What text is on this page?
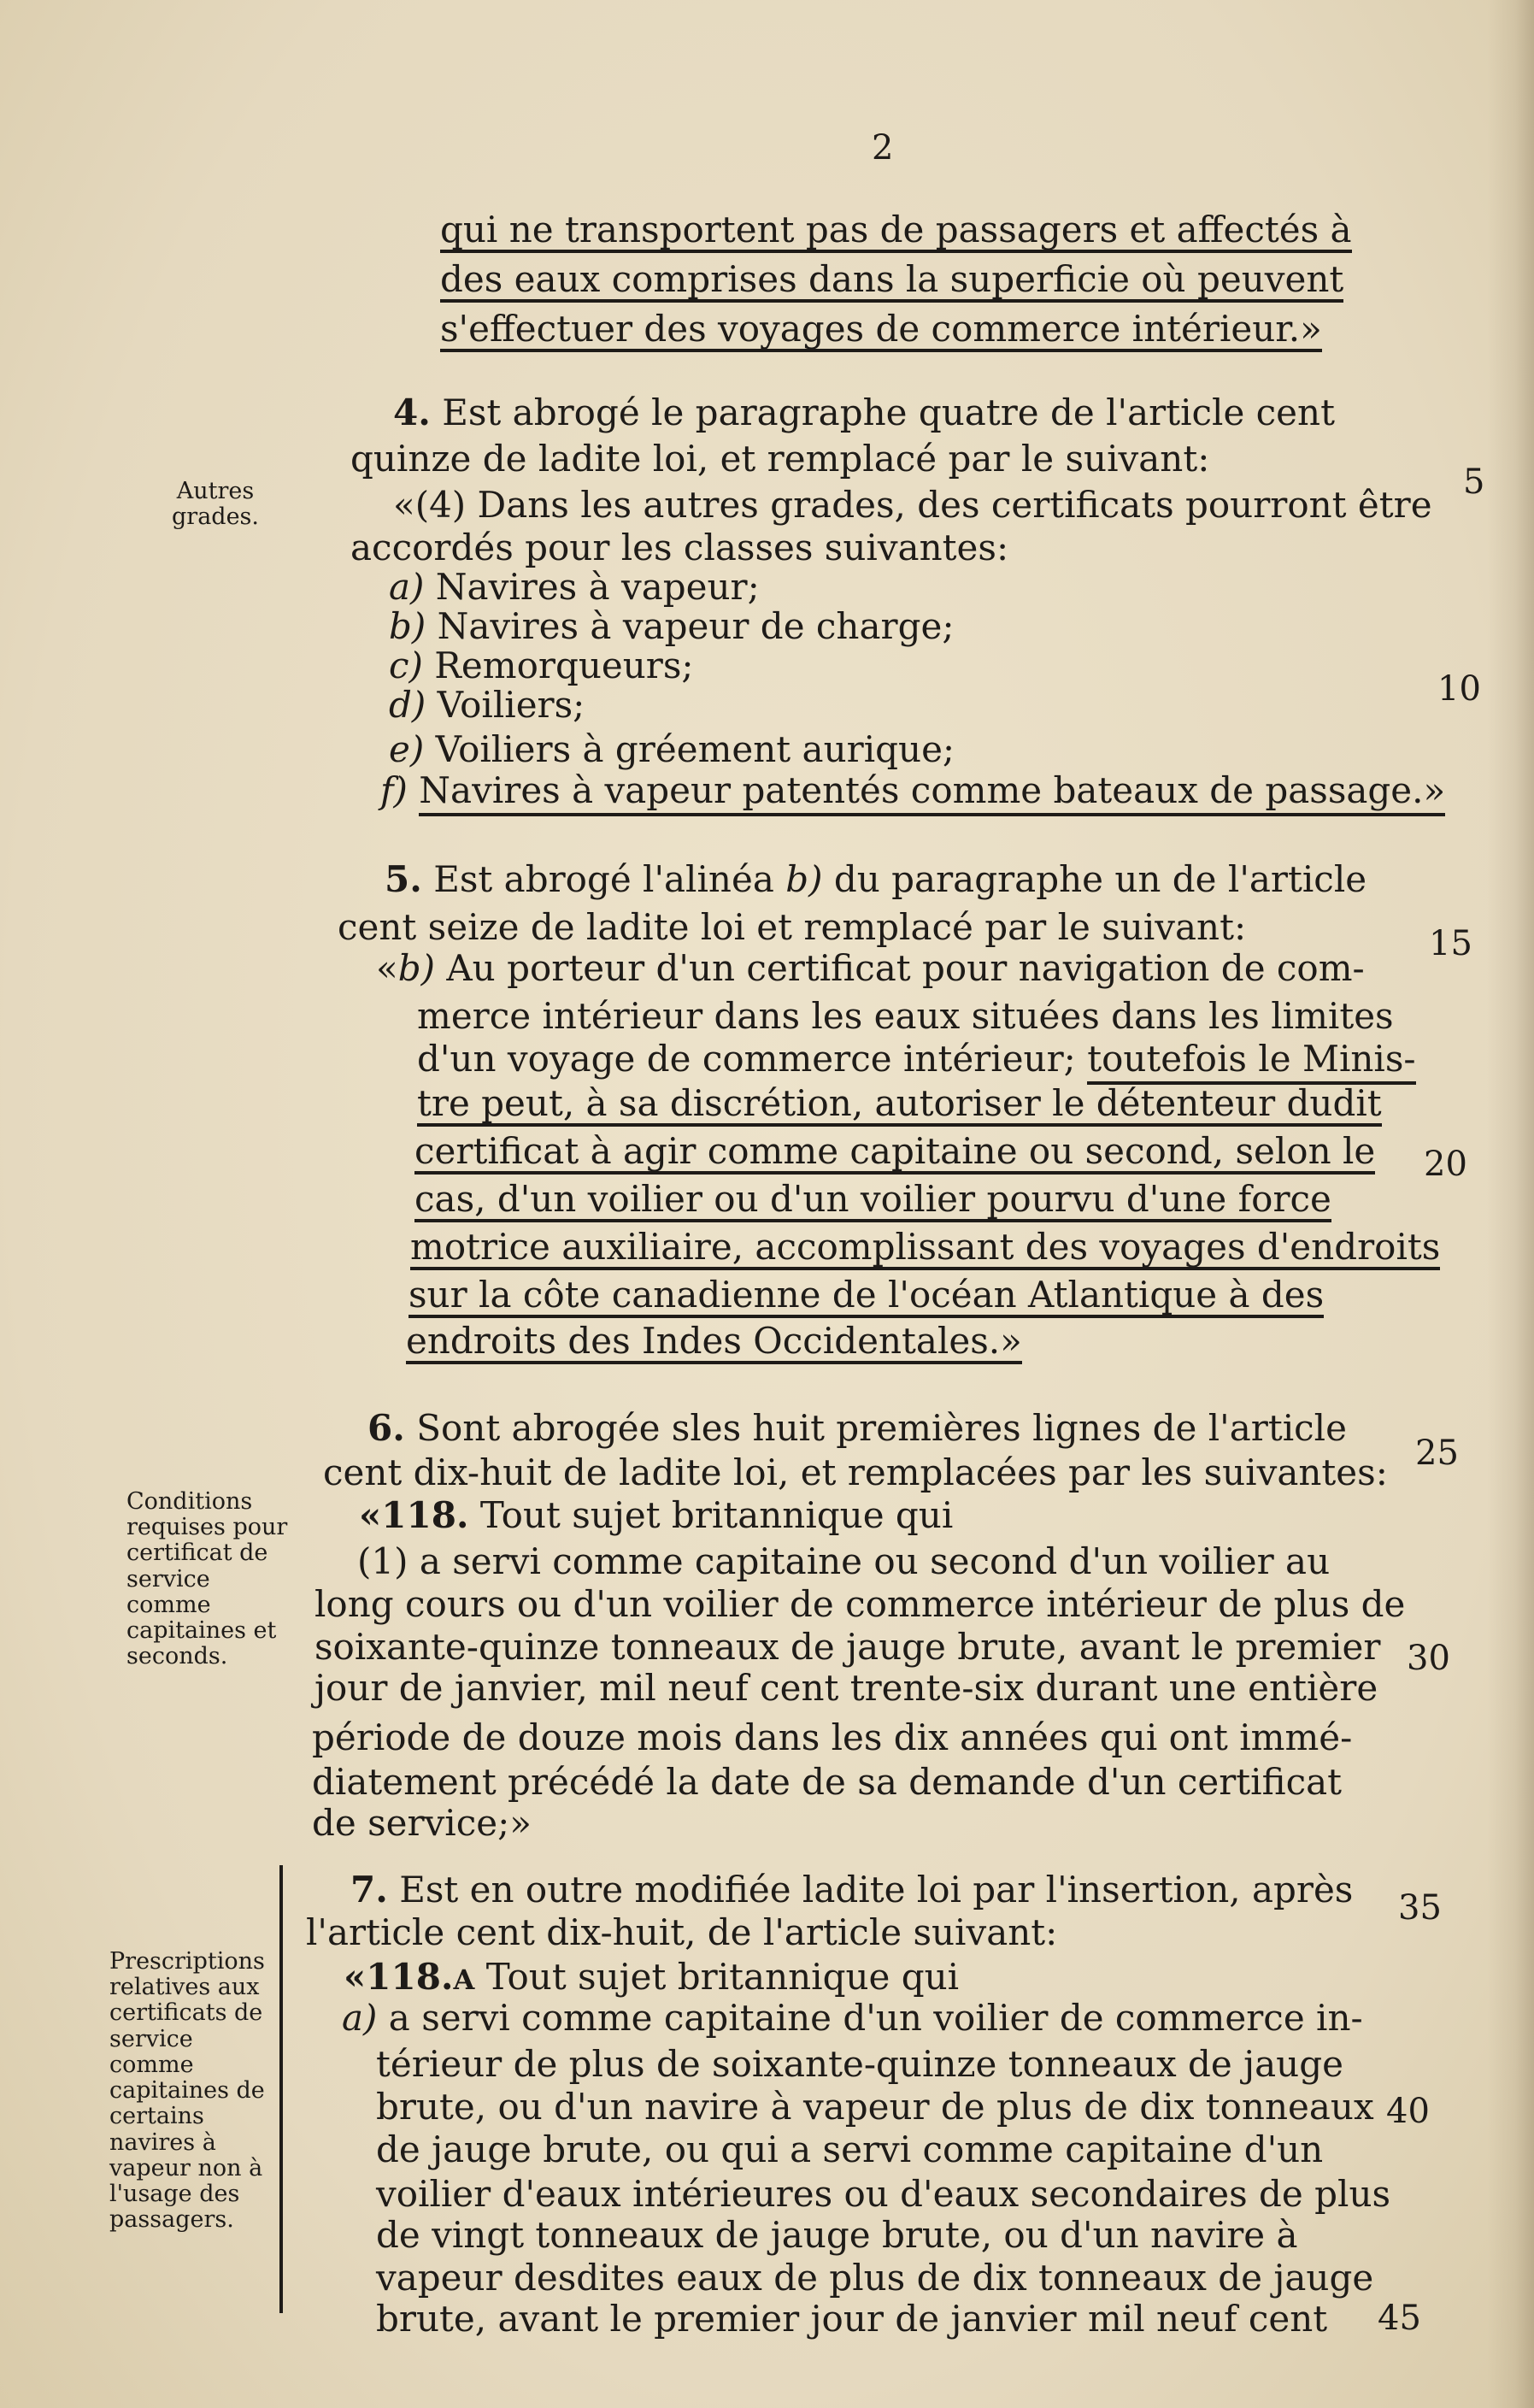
2
qui ne transportent pas de passagers et affectés à
des eaux comprises dans la superficie où peuvent
s'effectuer des voyages de commerce intérieur.»
Autres grades.
4. Est abrogé le paragraphe quatre de l'article cent
quinze de ladite loi, et remplacé par le suivant:
«(4) Dans les autres grades, des certificats pourront être
accordés pour les classes suivantes:
a) Navires à vapeur;
b) Navires à vapeur de charge;
c) Remorqueurs;
d) Voiliers;
e) Voiliers à gréement aurique;
f) Navires à vapeur patentés comme bateaux de passage.»
5. Est abrogé l'alinéa b) du paragraphe un de l'article
cent seize de ladite loi et remplacé par le suivant:
«b) Au porteur d'un certificat pour navigation de com-
merce intérieur dans les eaux situées dans les limites
d'un voyage de commerce intérieur; toutefois le Minis-
tre peut, à sa discrétion, autoriser le détenteur dudit
certificat à agir comme capitaine ou second, selon le
cas, d'un voilier ou d'un voilier pourvu d'une force
motrice auxiliaire, accomplissant des voyages d'endroits
sur la côte canadienne de l'océan Atlantique à des
endroits des Indes Occidentales.»
Conditions requises pour certificat de service comme capitaines et seconds.
6. Sont abrogée sles huit premières lignes de l'article
cent dix-huit de ladite loi, et remplacées par les suivantes:
«118. Tout sujet britannique qui
(1) a servi comme capitaine ou second d'un voilier au
long cours ou d'un voilier de commerce intérieur de plus de
soixante-quinze tonneaux de jauge brute, avant le premier
jour de janvier, mil neuf cent trente-six durant une entière
période de douze mois dans les dix années qui ont immé-
diatement précédé la date de sa demande d'un certificat
de service;»
Prescriptions relatives aux certificats de service comme capitaines de certains navires à vapeur non à l'usage des passagers.
7. Est en outre modifiée ladite loi par l'insertion, après
l'article cent dix-huit, de l'article suivant:
«118.A Tout sujet britannique qui
a) a servi comme capitaine d'un voilier de commerce in-
térieur de plus de soixante-quinze tonneaux de jauge
brute, ou d'un navire à vapeur de plus de dix tonneaux
de jauge brute, ou qui a servi comme capitaine d'un
voilier d'eaux intérieures ou d'eaux secondaires de plus
de vingt tonneaux de jauge brute, ou d'un navire à
vapeur desdites eaux de plus de dix tonneaux de jauge
brute, avant le premier jour de janvier mil neuf cent
5
10
15
20
25
30
35
40
45
